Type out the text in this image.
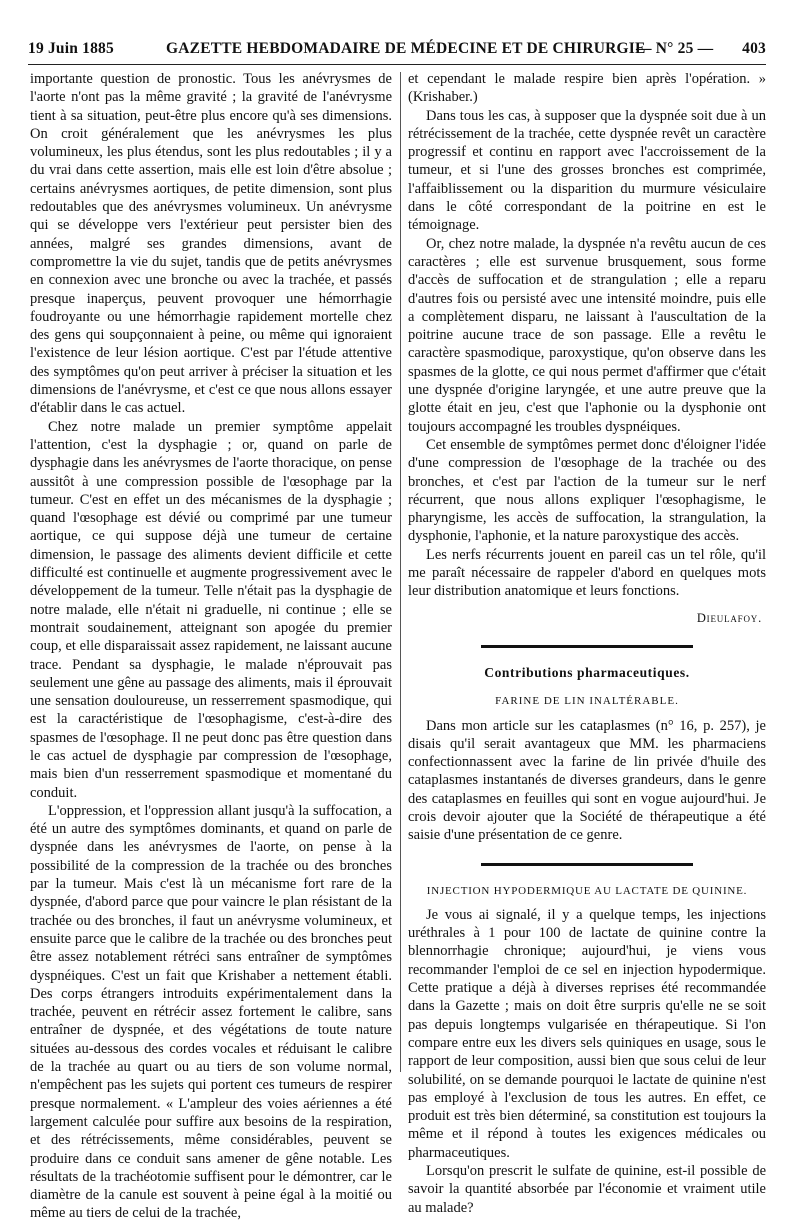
19 Juin 1885	GAZETTE HEBDOMADAIRE DE MÉDECINE ET DE CHIRURGIE
— N° 25 — 403

importante question de pronostic. Tous les anévrysmes de l'aorte n'ont pas la même gravité ; la gravité de l'anévrysme tient à sa situation, peut-être plus encore qu'à ses dimensions. On croit généralement que les anévrysmes les plus volumineux, les plus étendus, sont les plus redoutables ; il y a du vrai dans cette assertion, mais elle est loin d'être absolue ; certains anévrysmes aortiques, de petite dimension, sont plus redoutables que des anévrysmes volumineux. Un anévrysme qui se développe vers l'extérieur peut persister bien des années, malgré ses grandes dimensions, avant de compromettre la vie du sujet, tandis que de petits anévrysmes en connexion avec une bronche ou avec la trachée, et passés presque inaperçus, peuvent provoquer une hémorrhagie foudroyante ou une hémorrhagie rapidement mortelle chez des gens qui soupçonnaient à peine, ou même qui ignoraient l'existence de leur lésion aortique. C'est par l'étude attentive des symptômes qu'on peut arriver à préciser la situation et les dimensions de l'anévrysme, et c'est ce que nous allons essayer d'établir dans le cas actuel.

Chez notre malade un premier symptôme appelait l'attention, c'est la dysphagie ; or, quand on parle de dysphagie dans les anévrysmes de l'aorte thoracique, on pense aussitôt à une compression possible de l'œsophage par la tumeur. C'est en effet un des mécanismes de la dysphagie ; quand l'œsophage est dévié ou comprimé par une tumeur aortique, ce qui suppose déjà une tumeur de certaine dimension, le passage des aliments devient difficile et cette difficulté est continuelle et augmente progressivement avec le développement de la tumeur. Telle n'était pas la dysphagie de notre malade, elle n'était ni graduelle, ni continue ; elle se montrait soudainement, atteignant son apogée du premier coup, et elle disparaissait assez rapidement, ne laissant aucune trace. Pendant sa dysphagie, le malade n'éprouvait pas seulement une gêne au passage des aliments, mais il éprouvait une sensation douloureuse, un resserrement spasmodique, qui est la caractéristique de l'œsophagisme, c'est-à-dire des spasmes de l'œsophage. Il ne peut donc pas être question dans le cas actuel de dysphagie par compression de l'œsophage, mais bien d'un resserrement spasmodique et momentané du conduit.

L'oppression, et l'oppression allant jusqu'à la suffocation, a été un autre des symptômes dominants, et quand on parle de dyspnée dans les anévrysmes de l'aorte, on pense à la possibilité de la compression de la trachée ou des bronches par la tumeur. Mais c'est là un mécanisme fort rare de la dyspnée, d'abord parce que pour vaincre le plan résistant de la trachée ou des bronches, il faut un anévrysme volumineux, et ensuite parce que le calibre de la trachée ou des bronches peut être assez notablement rétréci sans entraîner de symptômes dyspnéiques. C'est un fait que Krishaber a nettement établi. Des corps étrangers introduits expérimentalement dans la trachée, peuvent en rétrécir assez fortement le calibre, sans entraîner de dyspnée, et des végétations de toute nature situées au-dessous des cordes vocales et réduisant le calibre de la trachée au quart ou au tiers de son volume normal, n'empêchent pas les sujets qui portent ces tumeurs de respirer presque normalement. « L'ampleur des voies aériennes a été largement calculée pour suffire aux besoins de la respiration, et des rétrécissements, même considérables, peuvent se produire dans ce conduit sans amener de gêne notable. Les résultats de la trachéotomie suffisent pour le démontrer, car le diamètre de la canule est souvent à peine égal à la moitié ou même au tiers de celui de la trachée,

et cependant le malade respire bien après l'opération. » (Krishaber.)

Dans tous les cas, à supposer que la dyspnée soit due à un rétrécissement de la trachée, cette dyspnée revêt un caractère progressif et continu en rapport avec l'accroissement de la tumeur, et si l'une des grosses bronches est comprimée, l'affaiblissement ou la disparition du murmure vésiculaire dans le côté correspondant de la poitrine en est le témoignage.

Or, chez notre malade, la dyspnée n'a revêtu aucun de ces caractères ; elle est survenue brusquement, sous forme d'accès de suffocation et de strangulation ; elle a reparu d'autres fois ou persisté avec une intensité moindre, puis elle a complètement disparu, ne laissant à l'auscultation de la poitrine aucune trace de son passage. Elle a revêtu le caractère spasmodique, paroxystique, qu'on observe dans les spasmes de la glotte, ce qui nous permet d'affirmer que c'était une dyspnée d'origine laryngée, et une autre preuve que la glotte était en jeu, c'est que l'aphonie ou la dysphonie ont toujours accompagné les troubles dyspnéiques.

Cet ensemble de symptômes permet donc d'éloigner l'idée d'une compression de l'œsophage de la trachée ou des bronches, et c'est par l'action de la tumeur sur le nerf récurrent, que nous allons expliquer l'œsophagisme, le pharyngisme, les accès de suffocation, la strangulation, la dysphonie, l'aphonie, et la nature paroxystique des accès.

Les nerfs récurrents jouent en pareil cas un tel rôle, qu'il me paraît nécessaire de rappeler d'abord en quelques mots leur distribution anatomique et leurs fonctions.

Dieulafoy.
Contributions pharmaceutiques.
FARINE DE LIN INALTÉRABLE.

Dans mon article sur les cataplasmes (n° 16, p. 257), je disais qu'il serait avantageux que MM. les pharmaciens confectionnassent avec la farine de lin privée d'huile des cataplasmes instantanés de diverses grandeurs, dans le genre des cataplasmes en feuilles qui sont en vogue aujourd'hui. Je crois devoir ajouter que la Société de thérapeutique a été saisie d'une présentation de ce genre.

INJECTION HYPODERMIQUE AU LACTATE DE QUININE.

Je vous ai signalé, il y a quelque temps, les injections uréthrales à 1 pour 100 de lactate de quinine contre la blennorrhagie chronique; aujourd'hui, je viens vous recommander l'emploi de ce sel en injection hypodermique. Cette pratique a déjà à diverses reprises été recommandée dans la Gazette ; mais on doit être surpris qu'elle ne se soit pas depuis longtemps vulgarisée en thérapeutique. Si l'on compare entre eux les divers sels quiniques en usage, sous le rapport de leur composition, aussi bien que sous celui de leur solubilité, on se demande pourquoi le lactate de quinine n'est pas employé à l'exclusion de tous les autres. En effet, ce produit est très bien déterminé, sa constitution est toujours la même et il répond à toutes les exigences médicales ou pharmaceutiques.

Lorsqu'on prescrit le sulfate de quinine, est-il possible de savoir la quantité absorbée par l'économie et vraiment utile au malade?
